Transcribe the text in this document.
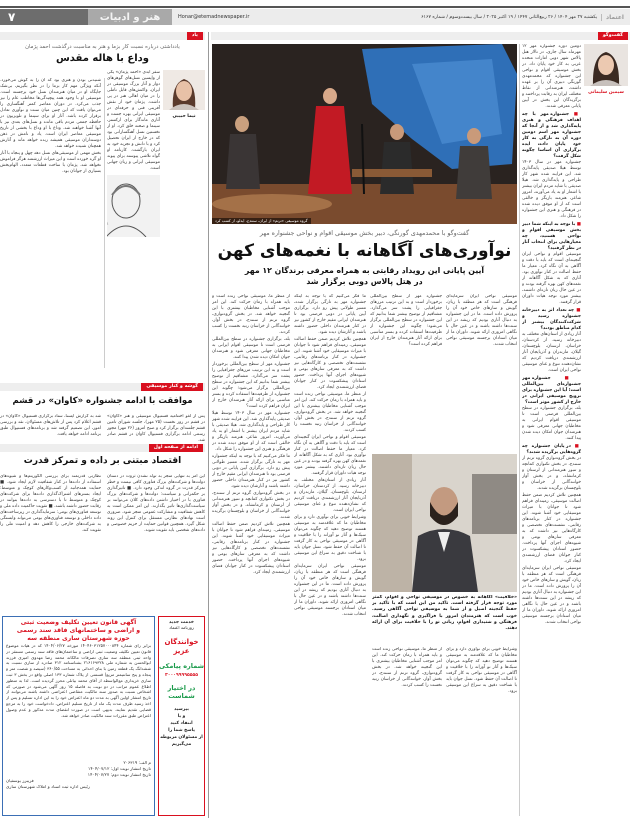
۷	هنر و ادبیات	اعتماد
یکشنبه ۲۷ مهر ۱۴۰۴ / ۲۶ ربیع‌الثانی ۱۴۴۷ / ۱۹ اکتبر ۲۰۲۵ / سال بیست‌وسوم / شماره ۶۱۶۷
Honar@etemadnewspaper.ir
یاد
یادداشتی درباره نسبت کار بزما و هنر به مناسبت درگذشت احمد پژمان
وداع با هاله مقدس
نیما حبیبی

سفر ابدی «احمد پژمان» یکی از واپسین نسل‌های گوهرهای دوار و آثار بزرگ موسیقی در ایران، واکنش‌های قابل تاملی را در میان اهالی هنر در پی داشت. پژمان خود از نقش آفرینی فنی و حرفه‌ای در موسیقی ایرانی بهره جست و آثاری ماندگار برای ارکستر، سینما و صحنه خلق کرد. او از نخستین نسل آهنگسازانی بود که در خارج از ایران تحصیل کرد و با دانش و تجربه خود به ایران بازگشت. کارنامه او گواه تلاشی پیوسته برای پیوند موسیقی ایرانی و زبان جهانی است.

شنیدنی بودن و هنری بود که آن را به گوش می‌خورد. آنکه ویژگی مهم کار بزما را در نظر بگیریم، بی‌شک جایگاه او در میان هنرمندان نسل خود برجسته است. موسیقی او با وجود همه پیچیدگی‌ها مخاطب عام را نیز جذب می‌کرد. در دوران معاصر کمتر آهنگسازی را می‌توان یافت که این چنین میان سنت و نوآوری تعادل برقرار کرده باشد. آثار او برای سینما و تلویزیون در حافظه جمعی مردم باقی مانده و نسل‌های بعدی نیز با آنها آشنا خواهند شد. وداع با او وداع با بخشی از تاریخ موسیقی معاصر ایران است. یاد و نامش در ذهن دوستداران موسیقی همیشه زنده خواهد ماند و آثارش همچنان شنیده خواهد شد.

بخش مهمی از موسیقی‌های نسل دهه چهل و پنجاه با آثار او گره خورده است و این میراث ارزشمند هرگز فراموش نخواهد شد. پژمان با ساخت قطعات متعدد، الهام‌بخش بسیاری از جوانان بود.

گوشه و کنار موسیقی
موافقت با ادامه جشنواره «کاوان» در قشم
پس از لغو اختتامیه فستیوال موسیقی و هنر «کاوان» در قشم در روز نخست (۲۵ مهر)، جلسه شورای تامین قشم جلسه‌ای برگزار کرد و صبح امروز (۲۶ مهر) مجوز رسمی ادامه برگزاری فستیوال کاوان در قشم صادر شد.
شد به گزارش ایسنا، ستاد برگزاری فستیوال «کاوان» در قشم اعلام کرد پس از تلاش‌های مسئولان، نقد و بررسی امور، این تصمیم گرفته شد و برنامه‌های فستیوال طبق برنامه ادامه خواهد یافت.
ادامه از صفحه اول
اقتصاد مبتنی بر داده و تمرکز قدرت
این امر به تنهایی منجر به تولد نشدن ثروت در دستان دولت‌ها و شرکت‌های بزرگ فناوری کافی نیست و خطر تمرکز قدرت در گروه اندکی وجود دارد. ■ تاثیرگذاری بر حکمرانی و سیاست: دولت‌ها و شرکت‌های بزرگ فناوری با در اختیار داشتن داده‌های کلان می‌توانند بر سیاست‌گذاری‌ها تاثیر بگذارند. این امر ممکن است به کاهش شفافیت و مشارکت عمومی منجر شود. ضروری است نهادهای نظارتی مستقل برای کنترل این روند شکل گیرد. همچنین قوانین حمایت از حریم خصوصی و داده‌های شخصی باید تقویت شوند.
نظارتی قدرتمند برای بررسی الگوریتم‌ها و شیوه‌های استفاده از داده‌ها در کنار شفافیت لازم ایجاد شود. ■ حمایت همه‌جانبه از کسب‌وکارهای کوچک و متوسط: ایجاد بسترهای اشتراک‌گذاری داده‌ها برای شرکت‌های کوچک و متوسط تا با دسترسی به داده‌ها بتوانند در رقابت حضور داشته باشند. ■ تقویت حاکمیت داده ملی و توسعه فناوری‌های بومی: سرمایه‌گذاری در زیرساخت‌های داده داخلی و توسعه فناوری‌های بومی می‌تواند وابستگی به شرکت‌های خارجی را کاهش دهد و امنیت ملی را تقویت کند.
آگهی قانون تعیین تکلیف وضعیت ثبتی
و اراضی و ساختمانهای فاقد سند رسمی
حوزه شهرستان ساری منطقه سه
برابر رای شماره ۱۴۰۴۶۰۳۱۲۵۷۰۰۰۸۴۴ مورخه ۱۴۰۴/۰۶/۲۷ که در هیات موضوع قانون تعیین تکلیف وضعیت ثبتی اراضی و ساختمان‌های فاقد سند رسمی مستقر در واحد ثبتی منطقه سه ساری تصرفات مالکانه محمد رضا مهدوی امیری فرزند ابوالحسن به شماره ملی ۲۱۶۱۶۹۳۲۸ بشناسنامه ۳۱۲ صادره از ساری نسبت به ششدانگ یک قطعه زمین با بنای احداثی به مساحت ۳۶۰/۵۵ (سیصد و شصت متر و پنجاه و پنج سانتیمتر مربع) قسمتی از پلاک شماره ۱۳۳ اصلی واقع در بخش ۳ ثبت ساری خریداری مع‌الواسطه از آقای محمد بیانلی محرز گردیده است. لذا به منظور اطلاع عموم مراتب در دو نوبت به فاصله ۱۵ روز آگهی می‌شود در صورتی که اشخاص نسبت به صدور سند مالکیت متقاضی اعتراضی داشته باشند می‌توانند از تاریخ انتشار اولین آگهی به مدت دو ماه اعتراض خود را به این اداره تسلیم و پس از اخذ رسید ظرف مدت یک ماه از تاریخ تسلیم اعتراض، دادخواست خود را به مرجع قضایی تقدیم نمایند. بدیهی است در صورت انقضای مدت مذکور و عدم وصول اعتراض طبق مقررات سند مالکیت صادر خواهد شد.
م الف: ۲۰۶۳۱۹
تاریخ انتشار نوبت اول: ۱۴۰۴/۰۷/۱۲
تاریخ انتشار نوبت دوم: ۱۴۰۴/۰۷/۲۷
فریبرز یوسفیان
رئیس اداره ثبت اسناد و املاک شهرستان ساری
خدمت جدید
روزنامه اعتماد
خوانندگان عزیز
شماره پیامکی
۳۰۰۰۹۹۹۹۵۵۵۵
در اختیار شماست
بپرسید
و یا
انتقاد کنید
پاسخ شما را
از مسئولان مربوطه
می‌گیریم
گفت‌وگو
سیمین سلیمانی

دومین دوره جشنواره مهر ۱۲ مهرماه سال جاری، در تالار هتل پالاس شهر دوبی امارات متحده عربی به کار خود پایان داد. در بخش موسیقی اقوام و نواحی این جشنواره که محمدمهدی گورنگی دبیری آن را بر عهده داشت، هنرمندانی از نقاط مختلف ایران به رقابت پرداختند و برگزیدگان این بخش در آیین پایانی معرفی شدند.

■ جشنواره مهر با چه اهداف فرهنگی و هنری پایه‌گذاری شد و از آنجا که جشنواره مهر اسم دومین دوره آن به تازگی به کار خود پایان داده، ایده برگزاری آن اساسا چگونه شکل گرفت؟

جشنواره مهر در سال ۱۴۰۳ توسط هیلا صدیقی پایه‌گذاری شد. این فرایند شده شهر کار طراحی و پایه‌گذاری شد. هیلا صدیقی با شاید مردم ایران بیشتر با اشعار او به یاد می‌آورند، امروز شاعر، هنرمند بازیگر و خالقی است که از او موفق دیده شده در فرهنگی و هنری این جشنواره را شکل داد.

■ با توجه به اینکه شما دبیر بخش موسیقی اقوام و نواحی هستید، چه معیارهایی برای انتخاب آثار در نظر گرفتید؟

موسیقی اقوام و نواحی ایران گنجینه‌ای است که باید با دقت و آگاهی به آن نگاه کرد. معیار ما حفظ اصالت در کنار نوآوری بود. آثاری که به شکل آگاهانه از نغمه‌های کهن بهره گرفته بودند و در عین حال زبان تازه‌ای داشتند، بیشتر مورد توجه هیات داوران قرار گرفتند.

■ چه تعداد اثر به دبیرخانه جشنواره رسید و شرکت‌کنندگان بیشتر از کدام مناطق بودند؟

آثار زیادی از استان‌های مختلف به دبیرخانه رسید. از کردستان، خراسان، لرستان، بلوچستان، گیلان، مازندران و آذربایجان آثار ارزشمندی دریافت کردیم که نشان‌دهنده تنوع و غنای موسیقی نواحی ایران است.

■ جشنواره مهر جشنواره‌ای بین‌المللی است؛ آیا این جشنواره برای ترویج موسیقی ایرانی در خارج از کشور موثر است؟

بله، برگزاری جشنواره در سطح بین‌المللی فرصتی است تا موسیقی اقوام ایرانی به مخاطبان جهانی معرفی شود و هنرمندان جوان امکان دیده شدن پیدا کنند.

■ در پایان جشنواره چه گروه‌هایی برگزیده شدند؟

در بخش گروه‌نوازی گروه ترنم از سنندج، در بخش تکنوازی کمانچه و تنبور هنرمندانی از لرستان و کرمانشاه، و در بخش آواز خوانندگانی از خراسان و بلوچستان برگزیده شدند.

همچنین تلاش کردیم ضمن حفظ اصالت موسیقی، زمینه‌ای فراهم شود تا جوانان با میراث موسیقایی خود آشنا شوند. این جشنواره در کنار برنامه‌های رقابتی، نشست‌های تخصصی و کارگاه‌هایی نیز داشت که به معرفی سازهای بومی و شیوه‌های اجرای آنها پرداخت. حضور استادان پیشکسوت در کنار جوانان فضای ارزشمندی ایجاد کرد.

موسیقی نواحی ایران سرمایه‌ای فرهنگی است که هر منطقه با زبان، گویش و سازهای خاص خود آن را پرورش داده است. ما در این جشنواره به دنبال آثاری بودیم که ریشه در این سنت‌ها داشته باشند و در عین حال با نگاهی امروزی ارائه شوند. داوران ما از میان استادان برجسته موسیقی نواحی انتخاب شدند.

گروه موسیقی «ترنم» از ایران، سنندج، ایدلو، از کسب کرد
گفت‌وگو با محمدمهدی گورنگی، دبیر بخش موسیقی اقوام و نواحی جشنواره مهر
نوآوری‌های آگاهانه با نغمه‌های کهن
آیین پایانی این رویداد رقابتی به همراه معرفی برندگان ۱۲ مهر
در هتل پالاس دوبی برگزار شد
موسیقی نواحی ایران سرمایه‌ای فرهنگی است که هر منطقه با زبان، گویش و سازهای خاص خود آن را پرورش داده است. ما در این جشنواره به دنبال آثاری بودیم که ریشه در این سنت‌ها داشته باشند و در عین حال با نگاهی امروزی ارائه شوند. داوران ما از میان استادان برجسته موسیقی نواحی انتخاب شدند.
جشنواره مهر از سطح بین‌المللی برخوردار است و به این ترتیب مرزهای جغرافیایی را پشت سر می‌گذارد. مشتاقیم از توضیح بیشتر شما بدانیم که این جشنواره در سطح بین‌المللی برگزار می‌شود؛ چگونه این جشنواره از ظرفیت‌ها استفاده کرده و بستر مناسبی برای ارائه آثار هنرمندان خارج از ایران فراهم کرده است؟

ما فکر می‌کنیم که با توجه به اینکه جشنواره مهر به تازگی برگزار شده، مسیر طولانی پیش رو دارد. برگزاری آیین پایانی در دوبی فرصتی بود تا هنرمندان ایرانی مقیم خارج از کشور نیز در کنار هنرمندان داخلی حضور داشته باشند و آثارشان دیده شود.

همچنین تلاش کردیم ضمن حفظ اصالت موسیقی، زمینه‌ای فراهم شود تا جوانان با میراث موسیقایی خود آشنا شوند. این جشنواره در کنار برنامه‌های رقابتی، نشست‌های تخصصی و کارگاه‌هایی نیز داشت که به معرفی سازهای بومی و شیوه‌های اجرای آنها پرداخت. حضور استادان پیشکسوت در کنار جوانان فضای ارزشمندی ایجاد کرد.

از منظر ما، موسیقی نواحی زنده است و باید همراه با زمان حرکت کند. این امر موجب آشنایی مخاطبان بیشتری با این گنجینه خواهد شد. در بخش گروه‌نوازی، گروه ترنم از سنندج، در بخش آواز، خوانندگانی از خراسان رتبه نخست را کسب کردند.

موسیقی اقوام و نواحی ایران گنجینه‌ای است که باید با دقت و آگاهی به آن نگاه کرد. معیار ما حفظ اصالت در کنار نوآوری بود. آثاری که به شکل آگاهانه از نغمه‌های کهن بهره گرفته بودند و در عین حال زبان تازه‌ای داشتند، بیشتر مورد توجه هیات داوران قرار گرفتند.

آثار زیادی از استان‌های مختلف به دبیرخانه رسید. از کردستان، خراسان، لرستان، بلوچستان، گیلان، مازندران و آذربایجان آثار ارزشمندی دریافت کردیم که نشان‌دهنده تنوع و غنای موسیقی نواحی ایران است.

وشرایط خوبی برای نوآوری دارد و برای مخاطبان ما که علاقه‌مند به موسیقی هستند توضیح دهید که چگونه می‌توان سبک‌ها و آثار نو آورانه را با خلاقیت و آگاهی در موسیقی نواحی به کار گرفت تا اصالت آن حفظ شود. نسل جوان باید با شناخت دقیق به سراغ این موسیقی برود.

موسیقی نواحی ایران سرمایه‌ای فرهنگی است که هر منطقه با زبان، گویش و سازهای خاص خود آن را پرورش داده است. ما در این جشنواره به دنبال آثاری بودیم که ریشه در این سنت‌ها داشته باشند و در عین حال با نگاهی امروزی ارائه شوند. داوران ما از میان استادان برجسته موسیقی نواحی انتخاب شدند.

از منظر ما، موسیقی نواحی زنده است و باید همراه با زمان حرکت کند. این امر موجب آشنایی مخاطبان بیشتری با این گنجینه خواهد شد. در بخش گروه‌نوازی، گروه ترنم از سنندج، در بخش آواز، خوانندگانی از خراسان رتبه نخست را کسب کردند.

بله، برگزاری جشنواره در سطح بین‌المللی فرصتی است تا موسیقی اقوام ایرانی به مخاطبان جهانی معرفی شود و هنرمندان جوان امکان دیده شدن پیدا کنند.

جشنواره مهر از سطح بین‌المللی برخوردار است و به این ترتیب مرزهای جغرافیایی را پشت سر می‌گذارد. مشتاقیم از توضیح بیشتر شما بدانیم که این جشنواره در سطح بین‌المللی برگزار می‌شود؛ چگونه این جشنواره از ظرفیت‌ها استفاده کرده و بستر مناسبی برای ارائه آثار هنرمندان خارج از ایران فراهم کرده است؟

جشنواره مهر در سال ۱۴۰۳ توسط هیلا صدیقی پایه‌گذاری شد. این فرایند شده شهر کار طراحی و پایه‌گذاری شد. هیلا صدیقی با شاید مردم ایران بیشتر با اشعار او به یاد می‌آورند، امروز شاعر، هنرمند بازیگر و خالقی است که از او موفق دیده شده در فرهنگی و هنری این جشنواره را شکل داد.

ما فکر می‌کنیم که با توجه به اینکه جشنواره مهر به تازگی برگزار شده، مسیر طولانی پیش رو دارد. برگزاری آیین پایانی در دوبی فرصتی بود تا هنرمندان ایرانی مقیم خارج از کشور نیز در کنار هنرمندان داخلی حضور داشته باشند و آثارشان دیده شود.

در بخش گروه‌نوازی گروه ترنم از سنندج، در بخش تکنوازی کمانچه و تنبور هنرمندانی از لرستان و کرمانشاه، و در بخش آواز خوانندگانی از خراسان و بلوچستان برگزیده شدند.

همچنین تلاش کردیم ضمن حفظ اصالت موسیقی، زمینه‌ای فراهم شود تا جوانان با میراث موسیقایی خود آشنا شوند. این جشنواره در کنار برنامه‌های رقابتی، نشست‌های تخصصی و کارگاه‌هایی نیز داشت که به معرفی سازهای بومی و شیوه‌های اجرای آنها پرداخت. حضور استادان پیشکسوت در کنار جوانان فضای ارزشمندی ایجاد کرد.

«خلاقیت» آگاهانه به خصوص در موسیقی نواحی و اقوام، کمتر مورد توجه قرار گرفته است. تاکید من این است که با تاکید بر حفظ گنجینه اصیل و از شما به موسیقی نواحی آگاهی رسید. خوب است که هنرمندان امروز با فراگیری و نگهداری اصالت، فرهنگی و شنیداری اقوام، زبانی نو را با خلاقیت برای آن ارائه دهند.
وشرایط خوبی برای نوآوری دارد و برای مخاطبان ما که علاقه‌مند به موسیقی هستند توضیح دهید که چگونه می‌توان سبک‌ها و آثار نو آورانه را با خلاقیت و آگاهی در موسیقی نواحی به کار گرفت تا اصالت آن حفظ شود. نسل جوان باید با شناخت دقیق به سراغ این موسیقی برود.
از منظر ما، موسیقی نواحی زنده است و باید همراه با زمان حرکت کند. این امر موجب آشنایی مخاطبان بیشتری با این گنجینه خواهد شد. در بخش گروه‌نوازی، گروه ترنم از سنندج، در بخش آواز، خوانندگانی از خراسان رتبه نخست را کسب کردند.
